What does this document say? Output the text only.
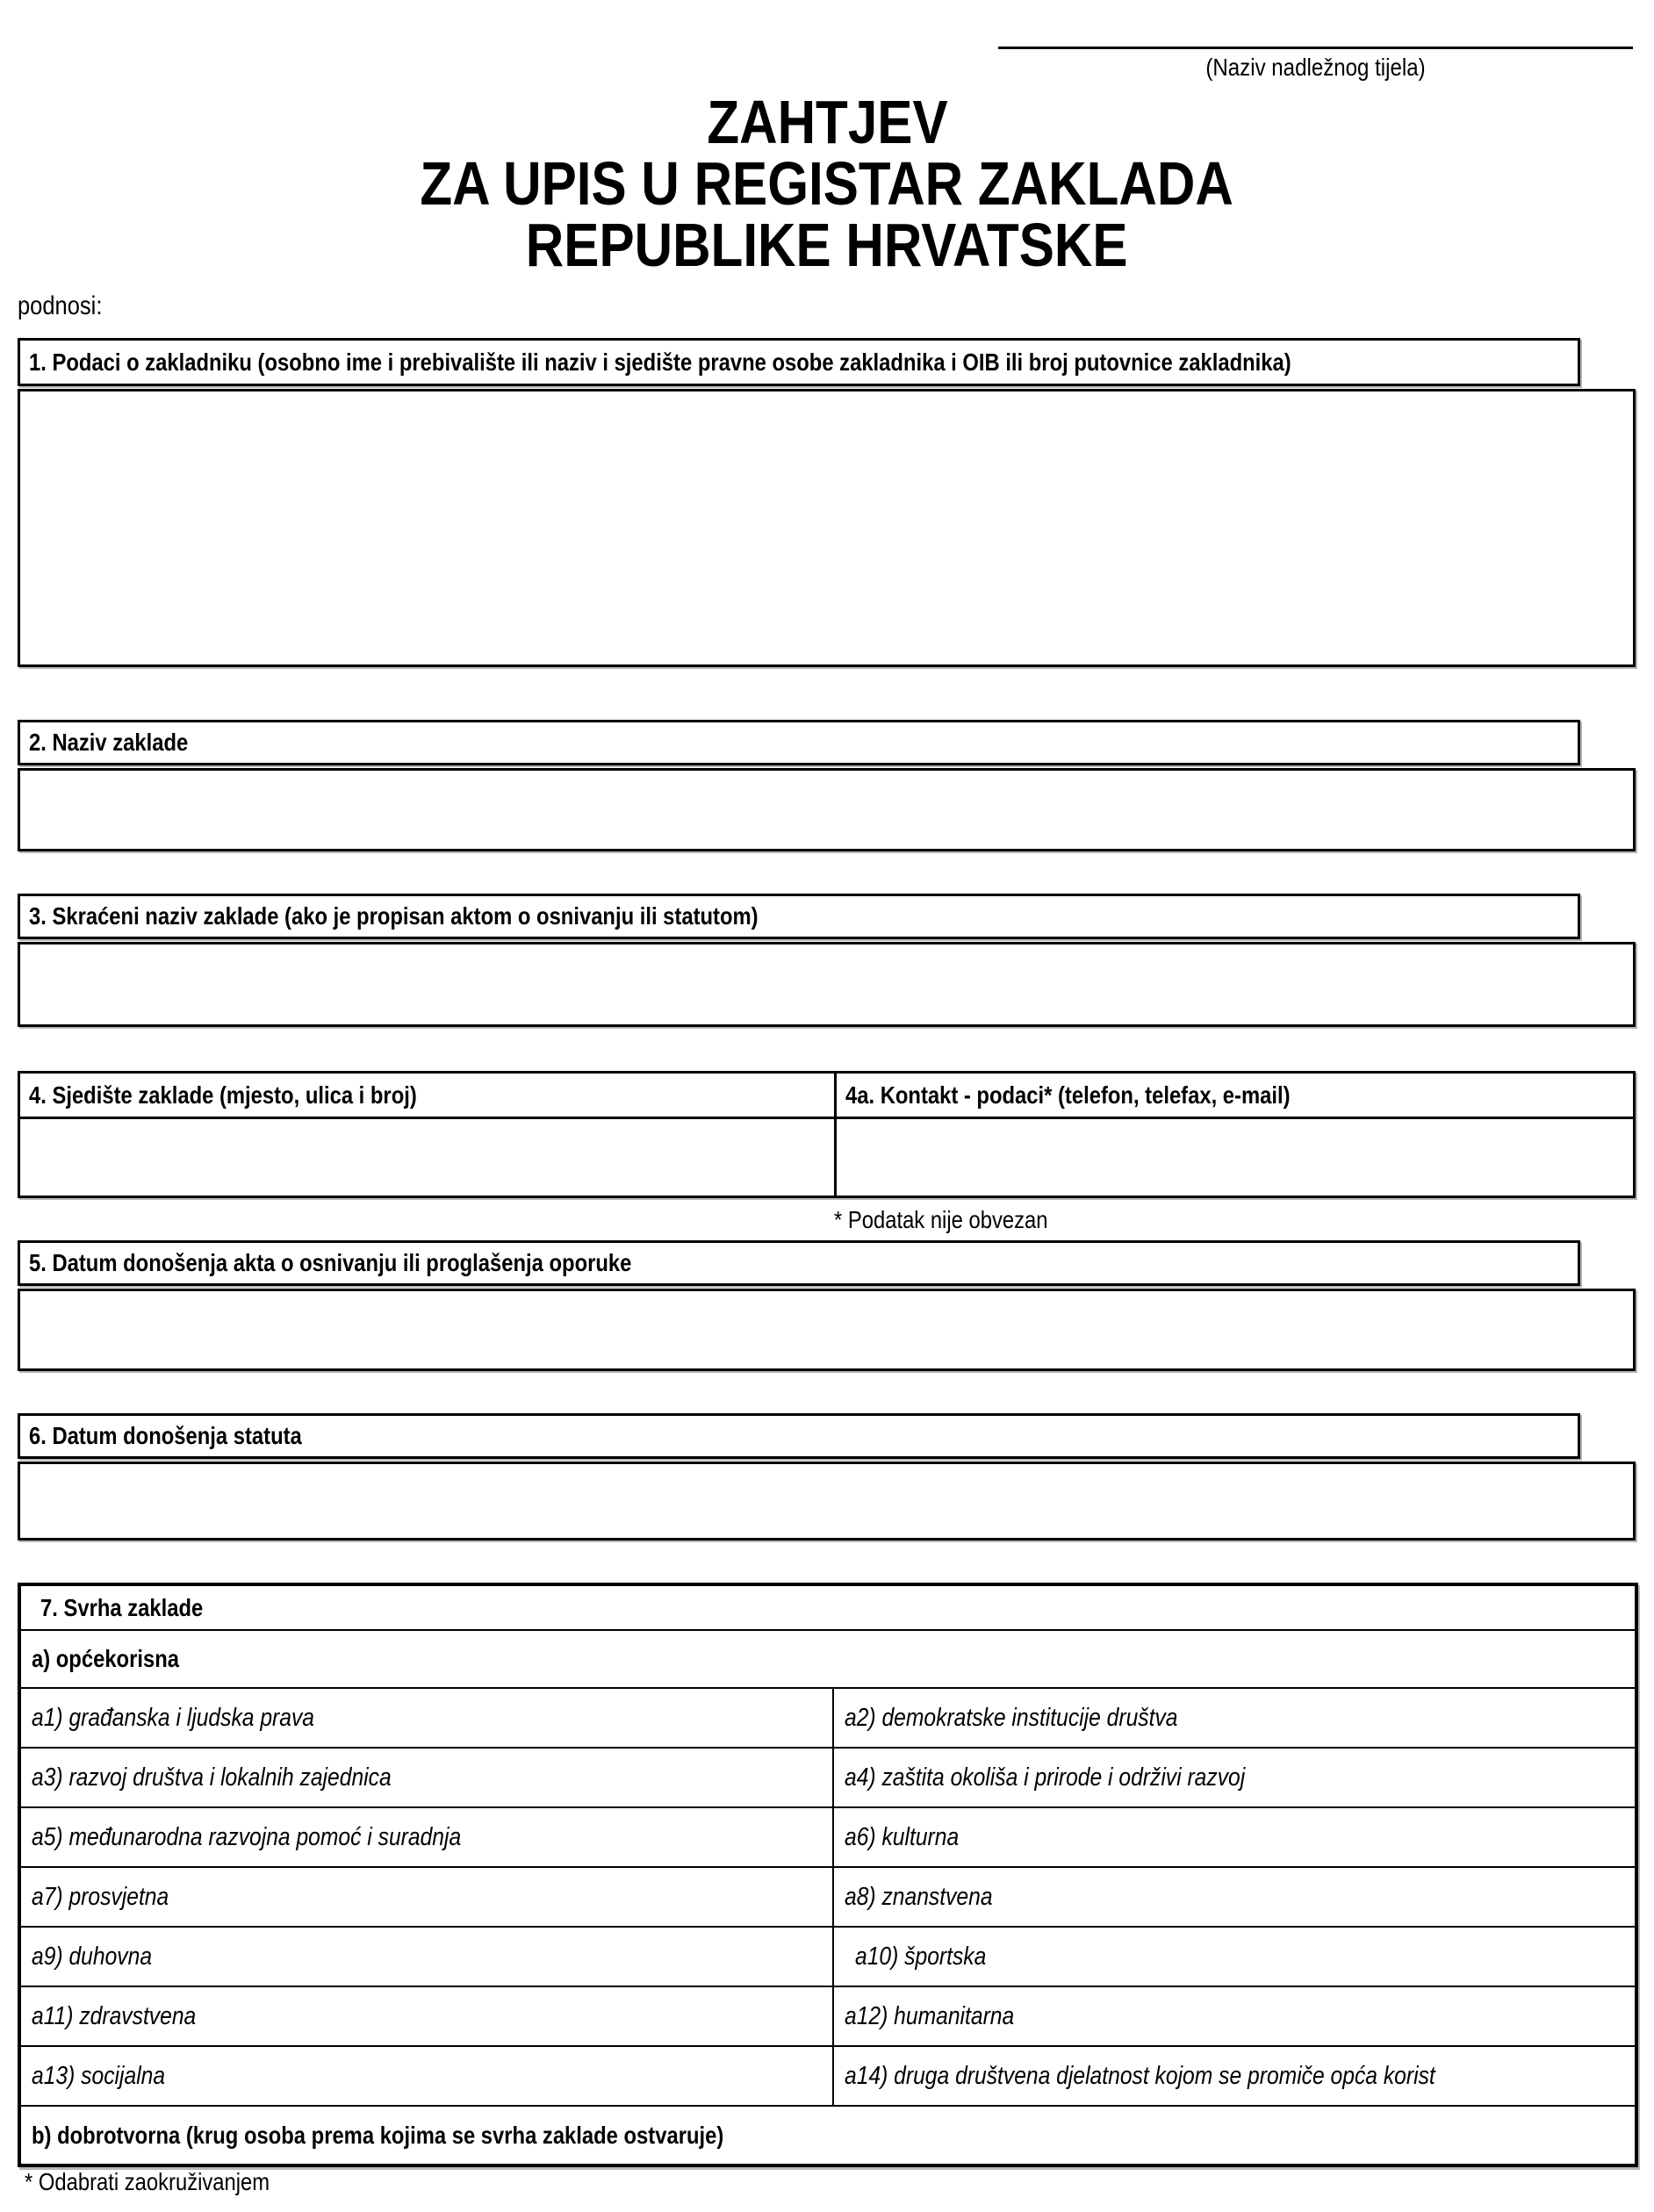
(Naziv nadležnog tijela)
ZAHTJEV
ZA UPIS U REGISTAR ZAKLADA
REPUBLIKE HRVATSKE
podnosi:
1. Podaci o zakladniku (osobno ime i prebivalište ili naziv i sjedište pravne osobe zakladnika i OIB ili broj putovnice zakladnika)
2. Naziv zaklade
3. Skraćeni naziv zaklade (ako je propisan aktom o osnivanju ili statutom)
4. Sjedište zaklade (mjesto, ulica i broj)	4a. Kontakt - podaci* (telefon, telefax, e-mail)
* Podatak nije obvezan
5. Datum donošenja akta o osnivanju ili proglašenja oporuke
6. Datum donošenja statuta
7. Svrha zaklade
a) općekorisna
a1) građanska i ljudska prava	a2) demokratske institucije društva
a3) razvoj društva i lokalnih zajednica	a4) zaštita okoliša i prirode i održivi razvoj
a5) međunarodna razvojna pomoć i suradnja	a6) kulturna
a7) prosvjetna	a8) znanstvena
a9) duhovna	a10) športska
a11) zdravstvena	a12) humanitarna
a13) socijalna	a14) druga društvena djelatnost kojom se promiče opća korist
b) dobrotvorna (krug osoba prema kojima se svrha zaklade ostvaruje)
* Odabrati zaokruživanjem
